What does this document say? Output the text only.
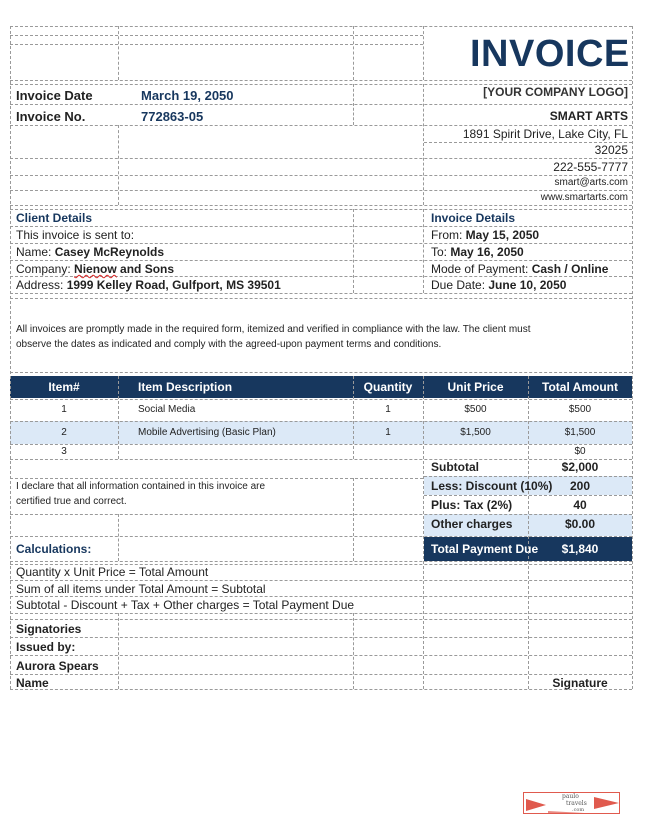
INVOICE
[YOUR COMPANY LOGO]
Invoice Date	March 19, 2050
Invoice No.	772863-05	SMART ARTS
1891 Spirit Drive, Lake City, FL
32025
222-555-7777
smart@arts.com
www.smartarts.com
Client Details
This invoice is sent to:
Name: Casey McReynolds
Company: Nienow and Sons
Address: 1999 Kelley Road, Gulfport, MS 39501
Invoice Details
From: May 15, 2050
To: May 16, 2050
Mode of Payment: Cash / Online
Due Date: June 10, 2050
All invoices are promptly made in the required form, itemized and verified in compliance with the law. The client must
observe the dates as indicated and comply with the agreed-upon payment terms and conditions.
Item#	Item Description	Quantity	Unit Price	Total Amount
1	Social Media	1	$500	$500
2	Mobile Advertising (Basic Plan)	1	$1,500	$1,500
3	$0
Subtotal	$2,000
Less: Discount (10%)	200
Plus: Tax (2%)	40
Other charges	$0.00
Total Payment Due	$1,840
I declare that all information contained in this invoice are
certified true and correct.
Calculations:
Quantity x Unit Price = Total Amount
Sum of all items under Total Amount = Subtotal
Subtotal - Discount + Tax + Other charges = Total Payment Due
Signatories
Issued by:
Aurora Spears
Name	Signature
paulo
travels
.com
